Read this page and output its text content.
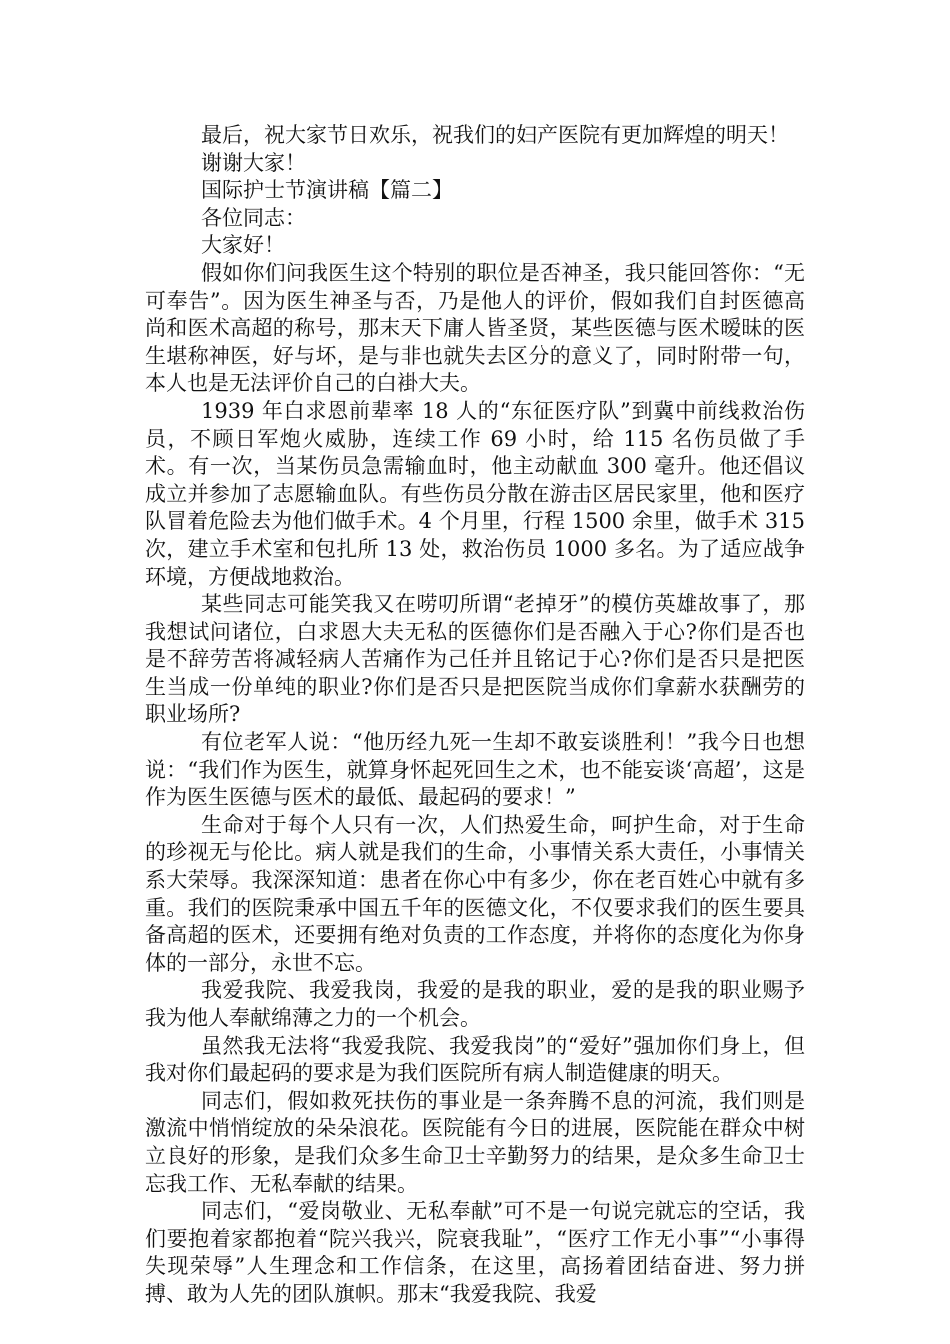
最后，祝大家节日欢乐，祝我们的妇产医院有更加辉煌的明天！

谢谢大家！

国际护士节演讲稿【篇二】

各位同志：

大家好！

假如你们问我医生这个特别的职位是否神圣，我只能回答你：“无可奉告”。因为医生神圣与否，乃是他人的评价，假如我们自封医德高尚和医术高超的称号，那末天下庸人皆圣贤，某些医德与医术暧昧的医生堪称神医，好与坏，是与非也就失去区分的意义了，同时附带一句，本人也是无法评价自己的白褂大夫。

1939 年白求恩前辈率 18 人的“东征医疗队”到冀中前线救治伤员，不顾日军炮火威胁，连续工作 69 小时，给 115 名伤员做了手术。有一次，当某伤员急需输血时，他主动献血 300 毫升。他还倡议成立并参加了志愿输血队。有些伤员分散在游击区居民家里，他和医疗队冒着危险去为他们做手术。4 个月里，行程 1500 余里，做手术 315 次，建立手术室和包扎所 13 处，救治伤员 1000 多名。为了适应战争环境，方便战地救治。

某些同志可能笑我又在唠叨所谓“老掉牙”的模仿英雄故事了，那我想试问诸位，白求恩大夫无私的医德你们是否融入于心?你们是否也是不辞劳苦将减轻病人苦痛作为己任并且铭记于心?你们是否只是把医生当成一份单纯的职业?你们是否只是把医院当成你们拿薪水获酬劳的职业场所?

有位老军人说：“他历经九死一生却不敢妄谈胜利！”我今日也想说：“我们作为医生，就算身怀起死回生之术，也不能妄谈‘高超’，这是作为医生医德与医术的最低、最起码的要求！”

生命对于每个人只有一次，人们热爱生命，呵护生命，对于生命的珍视无与伦比。病人就是我们的生命，小事情关系大责任，小事情关系大荣辱。我深深知道：患者在你心中有多少，你在老百姓心中就有多重。我们的医院秉承中国五千年的医德文化，不仅要求我们的医生要具备高超的医术，还要拥有绝对负责的工作态度，并将你的态度化为你身体的一部分，永世不忘。

我爱我院、我爱我岗，我爱的是我的职业，爱的是我的职业赐予我为他人奉献绵薄之力的一个机会。

虽然我无法将“我爱我院、我爱我岗”的“爱好”强加你们身上，但我对你们最起码的要求是为我们医院所有病人制造健康的明天。

同志们，假如救死扶伤的事业是一条奔腾不息的河流，我们则是激流中悄悄绽放的朵朵浪花。医院能有今日的进展，医院能在群众中树立良好的形象，是我们众多生命卫士辛勤努力的结果，是众多生命卫士忘我工作、无私奉献的结果。

同志们，“爱岗敬业、无私奉献”可不是一句说完就忘的空话，我们要抱着家都抱着“院兴我兴，院衰我耻”，“医疗工作无小事”“小事得失现荣辱”人生理念和工作信条，在这里，高扬着团结奋进、努力拼搏、敢为人先的团队旗帜。那末“我爱我院、我爱
